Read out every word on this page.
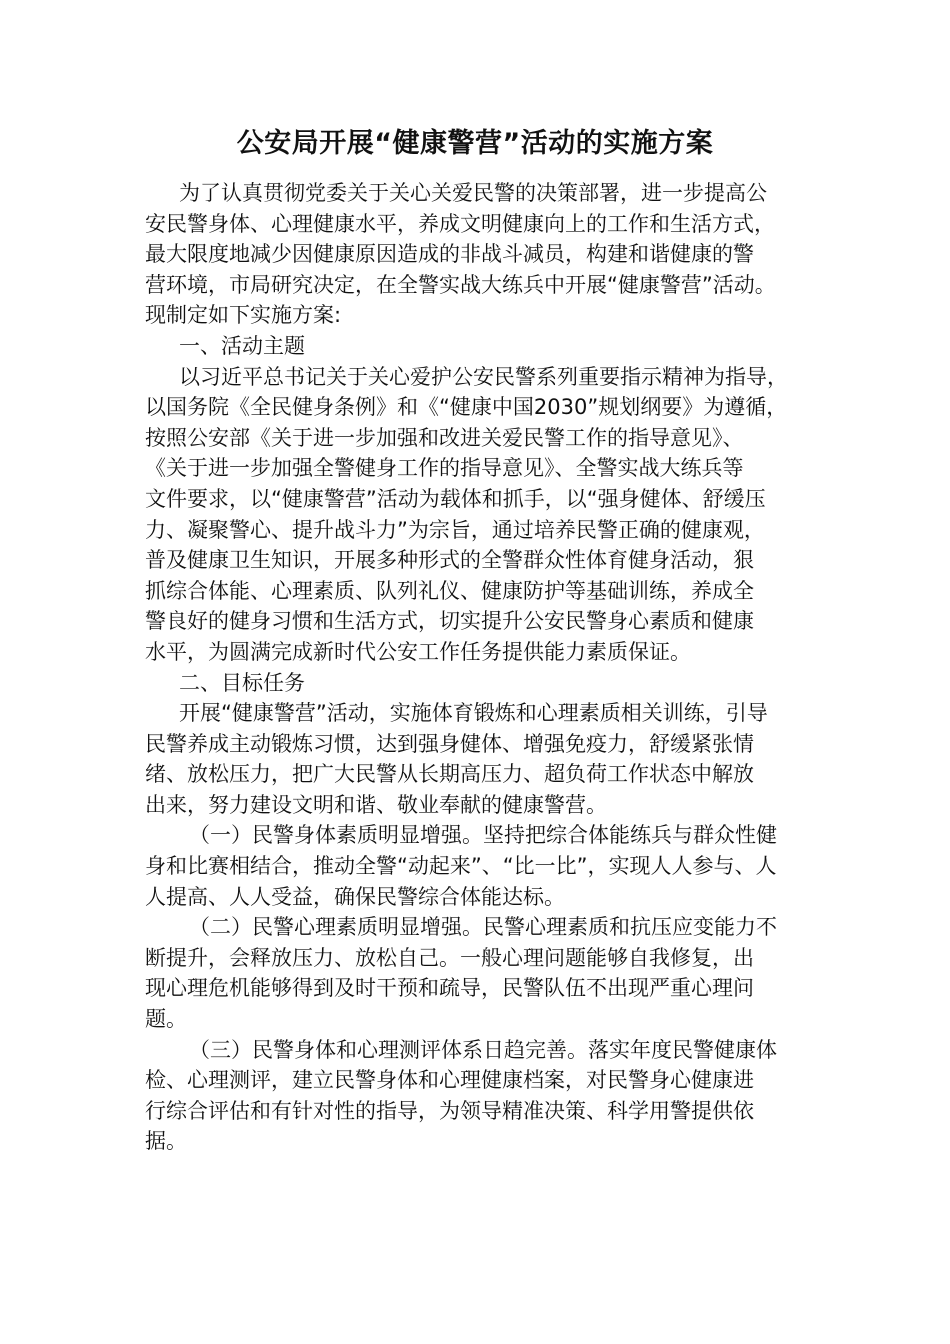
公安局开展“健康警营”活动的实施方案
为了认真贯彻党委关于关心关爱民警的决策部署，进一步提高公
安民警身体、心理健康水平，养成文明健康向上的工作和生活方式，
最大限度地减少因健康原因造成的非战斗减员，构建和谐健康的警
营环境，市局研究决定，在全警实战大练兵中开展“健康警营”活动。
现制定如下实施方案:
一、活动主题
以习近平总书记关于关心爱护公安民警系列重要指示精神为指导，
以国务院《全民健身条例》和《“健康中国2030”规划纲要》为遵循，
按照公安部《关于进一步加强和改进关爱民警工作的指导意见》、
《关于进一步加强全警健身工作的指导意见》、全警实战大练兵等
文件要求，以“健康警营”活动为载体和抓手，以“强身健体、舒缓压
力、凝聚警心、提升战斗力”为宗旨，通过培养民警正确的健康观，
普及健康卫生知识，开展多种形式的全警群众性体育健身活动，狠
抓综合体能、心理素质、队列礼仪、健康防护等基础训练，养成全
警良好的健身习惯和生活方式，切实提升公安民警身心素质和健康
水平，为圆满完成新时代公安工作任务提供能力素质保证。
二、目标任务
开展“健康警营”活动，实施体育锻炼和心理素质相关训练，引导
民警养成主动锻炼习惯，达到强身健体、增强免疫力，舒缓紧张情
绪、放松压力，把广大民警从长期高压力、超负荷工作状态中解放
出来，努力建设文明和谐、敬业奉献的健康警营。
（一）民警身体素质明显增强。坚持把综合体能练兵与群众性健
身和比赛相结合，推动全警“动起来”、“比一比”，实现人人参与、人
人提高、人人受益，确保民警综合体能达标。
（二）民警心理素质明显增强。民警心理素质和抗压应变能力不
断提升，会释放压力、放松自己。一般心理问题能够自我修复，出
现心理危机能够得到及时干预和疏导，民警队伍不出现严重心理问
题。
（三）民警身体和心理测评体系日趋完善。落实年度民警健康体
检、心理测评，建立民警身体和心理健康档案，对民警身心健康进
行综合评估和有针对性的指导，为领导精准决策、科学用警提供依
据。
